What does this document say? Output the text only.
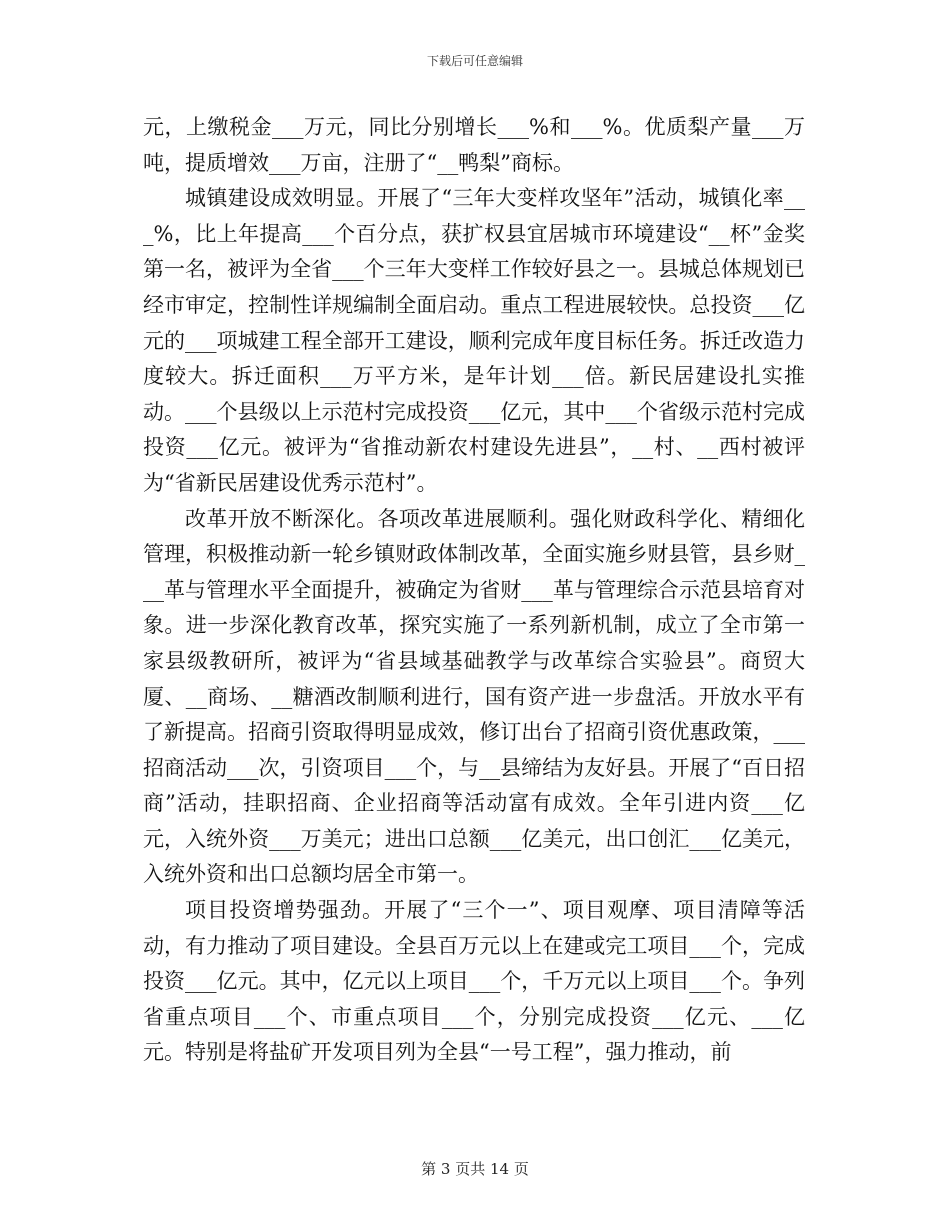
下载后可任意编辑

元，上缴税金___万元，同比分别增长___%和___%。优质梨产量___万吨，提质增效___万亩，注册了“__鸭梨”商标。

城镇建设成效明显。开展了“三年大变样攻坚年”活动，城镇化率___%，比上年提高___个百分点，获扩权县宜居城市环境建设“__杯”金奖第一名，被评为全省___个三年大变样工作较好县之一。县城总体规划已经市审定，控制性详规编制全面启动。重点工程进展较快。总投资___亿元的___项城建工程全部开工建设，顺利完成年度目标任务。拆迁改造力度较大。拆迁面积___万平方米，是年计划___倍。新民居建设扎实推动。___个县级以上示范村完成投资___亿元，其中___个省级示范村完成投资___亿元。被评为“省推动新农村建设先进县”，__村、__西村被评为“省新民居建设优秀示范村”。

改革开放不断深化。各项改革进展顺利。强化财政科学化、精细化管理，积极推动新一轮乡镇财政体制改革，全面实施乡财县管，县乡财___革与管理水平全面提升，被确定为省财___革与管理综合示范县培育对象。进一步深化教育改革，探究实施了一系列新机制，成立了全市第一家县级教研所，被评为“省县域基础教学与改革综合实验县”。商贸大厦、__商场、__糖酒改制顺利进行，国有资产进一步盘活。开放水平有了新提高。招商引资取得明显成效，修订出台了招商引资优惠政策，___招商活动___次，引资项目___个，与__县缔结为友好县。开展了“百日招商”活动，挂职招商、企业招商等活动富有成效。全年引进内资___亿元，入统外资___万美元；进出口总额___亿美元，出口创汇___亿美元，入统外资和出口总额均居全市第一。

项目投资增势强劲。开展了“三个一”、项目观摩、项目清障等活动，有力推动了项目建设。全县百万元以上在建或完工项目___个，完成投资___亿元。其中，亿元以上项目___个，千万元以上项目___个。争列省重点项目___个、市重点项目___个，分别完成投资___亿元、___亿元。特别是将盐矿开发项目列为全县“一号工程”，强力推动，前

第 3 页共 14 页
